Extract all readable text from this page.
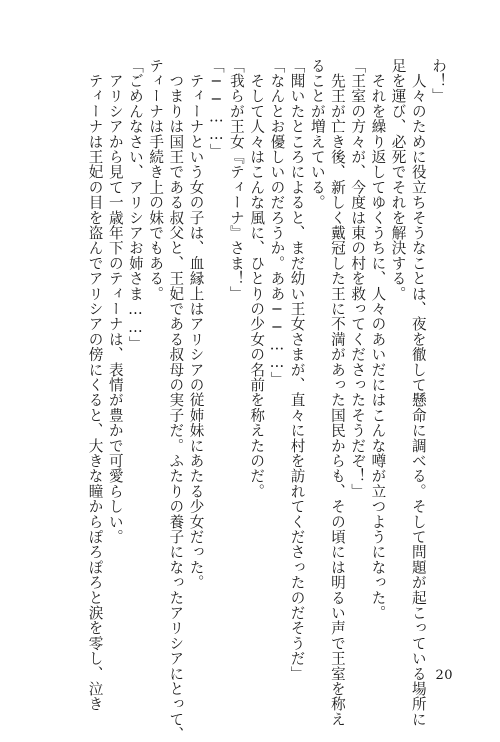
わ！」
　人々のために役立ちそうなことは、夜を徹して懸命に調べる。そして問題が起こっている場所に
足を運び、必死でそれを解決する。
　それを繰り返してゆくうちに、人々のあいだにはこんな噂が立つようになった。
「王室の方々が、今度は東の村を救ってくださったそうだぞ！」
　先王が亡き後、新しく戴冠した王に不満があった国民からも、その頃には明るい声で王室を称え
ることが増えている。
「聞いたところによると、まだ幼い王女さまが、直々に村を訪れてくださったのだそうだ」
「なんとお優しいのだろうか。ああ──……」
　そして人々はこんな風に、ひとりの少女の名前を称えたのだ。
「我らが王女『ティーナ』さま！」
「──……」
　ティーナという女の子は、血縁上はアリシアの従姉妹にあたる少女だった。
　つまりは国王である叔父と、王妃である叔母の実子だ。ふたりの養子になったアリシアにとって、
ティーナは手続き上の妹でもある。
「ごめんなさい、アリシアお姉さま……」
　アリシアから見て一歳年下のティーナは、表情が豊かで可愛らしい。
　ティーナは王妃の目を盗んでアリシアの傍にくると、大きな瞳からぽろぽろと涙を零し、泣き	20
